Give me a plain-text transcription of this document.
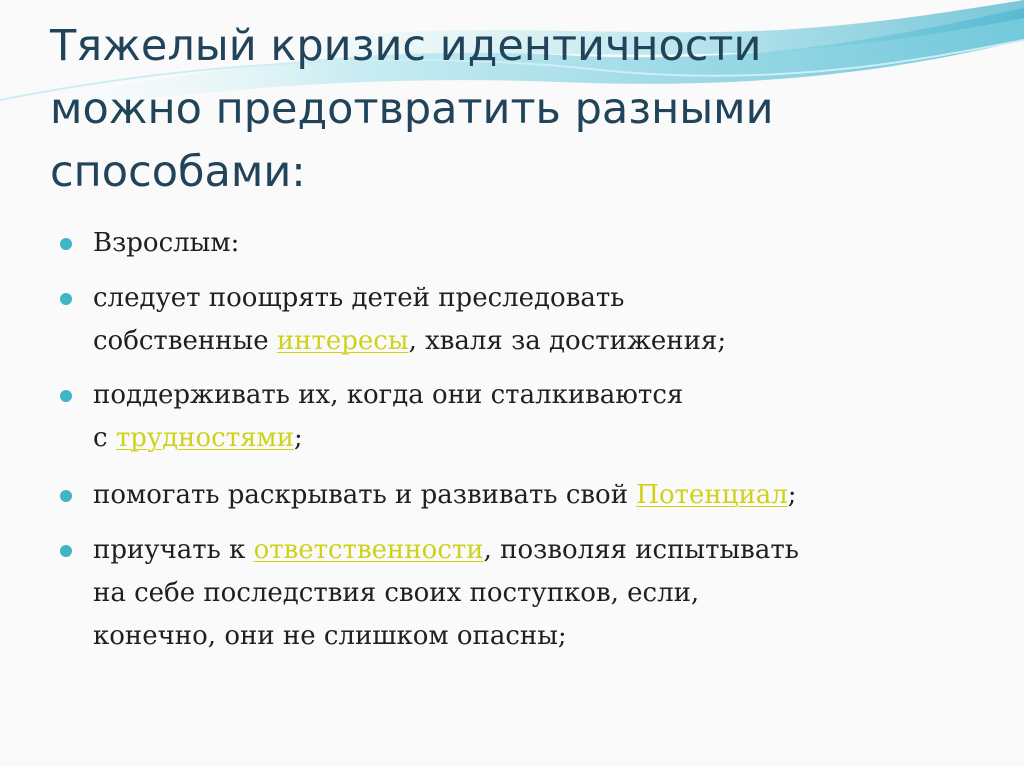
Тяжелый кризис идентичности
можно предотвратить разными
способами:
Взрослым:
следует поощрять детей преследовать
собственные интересы, хваля за достижения;
поддерживать их, когда они сталкиваются
с трудностями;
помогать раскрывать и развивать свой Потенциал;
приучать к ответственности, позволяя испытывать
на себе последствия своих поступков, если,
конечно, они не слишком опасны;
